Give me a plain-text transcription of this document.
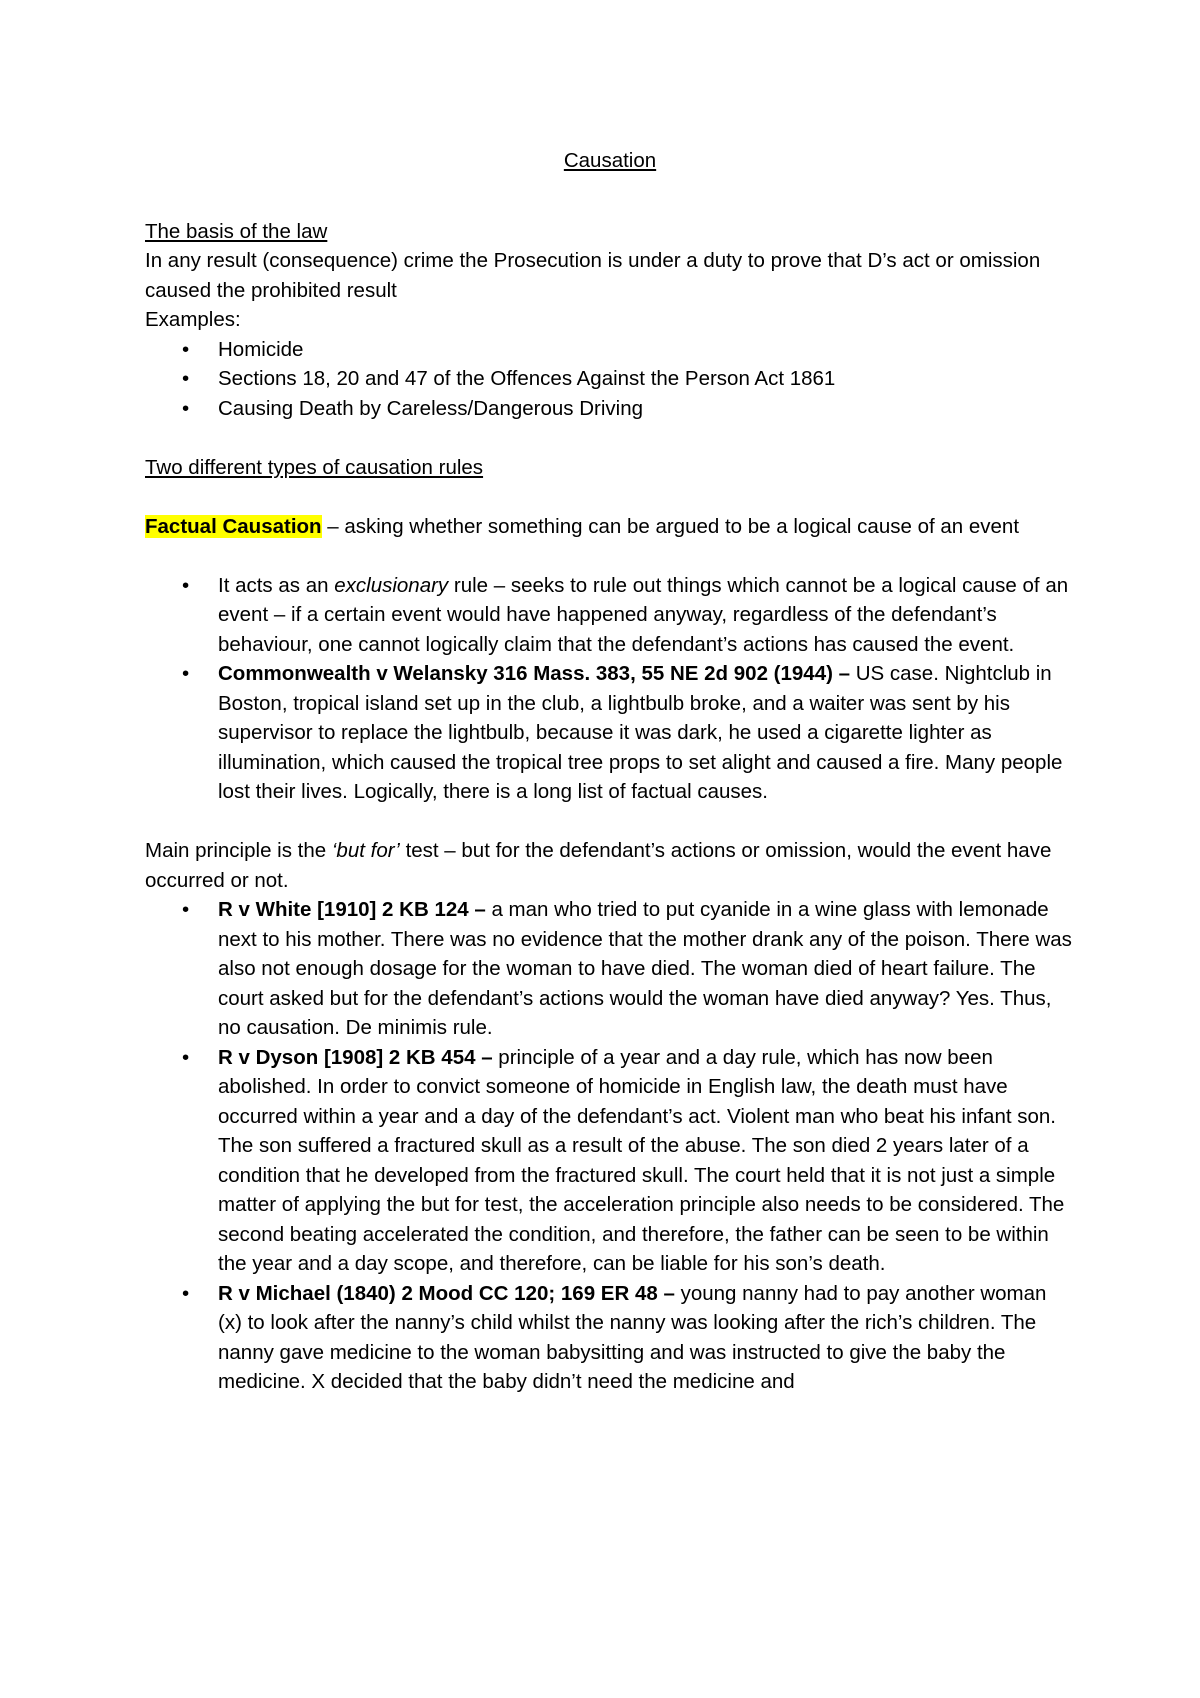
Causation

The basis of the law

In any result (consequence) crime the Prosecution is under a duty to prove that D’s act or omission caused the prohibited result

Examples:

• Homicide
• Sections 18, 20 and 47 of the Offences Against the Person Act 1861
• Causing Death by Careless/Dangerous Driving

Two different types of causation rules

Factual Causation – asking whether something can be argued to be a logical cause of an event

• It acts as an exclusionary rule – seeks to rule out things which cannot be a logical cause of an event – if a certain event would have happened anyway, regardless of the defendant’s behaviour, one cannot logically claim that the defendant’s actions has caused the event.
• Commonwealth v Welansky 316 Mass. 383, 55 NE 2d 902 (1944) – US case. Nightclub in Boston, tropical island set up in the club, a lightbulb broke, and a waiter was sent by his supervisor to replace the lightbulb, because it was dark, he used a cigarette lighter as illumination, which caused the tropical tree props to set alight and caused a fire. Many people lost their lives. Logically, there is a long list of factual causes.

Main principle is the ‘but for’ test – but for the defendant’s actions or omission, would the event have occurred or not.

• R v White [1910] 2 KB 124 – a man who tried to put cyanide in a wine glass with lemonade next to his mother. There was no evidence that the mother drank any of the poison. There was also not enough dosage for the woman to have died. The woman died of heart failure. The court asked but for the defendant’s actions would the woman have died anyway? Yes. Thus, no causation. De minimis rule.
• R v Dyson [1908] 2 KB 454 – principle of a year and a day rule, which has now been abolished. In order to convict someone of homicide in English law, the death must have occurred within a year and a day of the defendant’s act. Violent man who beat his infant son. The son suffered a fractured skull as a result of the abuse. The son died 2 years later of a condition that he developed from the fractured skull. The court held that it is not just a simple matter of applying the but for test, the acceleration principle also needs to be considered. The second beating accelerated the condition, and therefore, the father can be seen to be within the year and a day scope, and therefore, can be liable for his son’s death.
• R v Michael (1840) 2 Mood CC 120; 169 ER 48 – young nanny had to pay another woman (x) to look after the nanny’s child whilst the nanny was looking after the rich’s children. The nanny gave medicine to the woman babysitting and was instructed to give the baby the medicine. X decided that the baby didn’t need the medicine and
